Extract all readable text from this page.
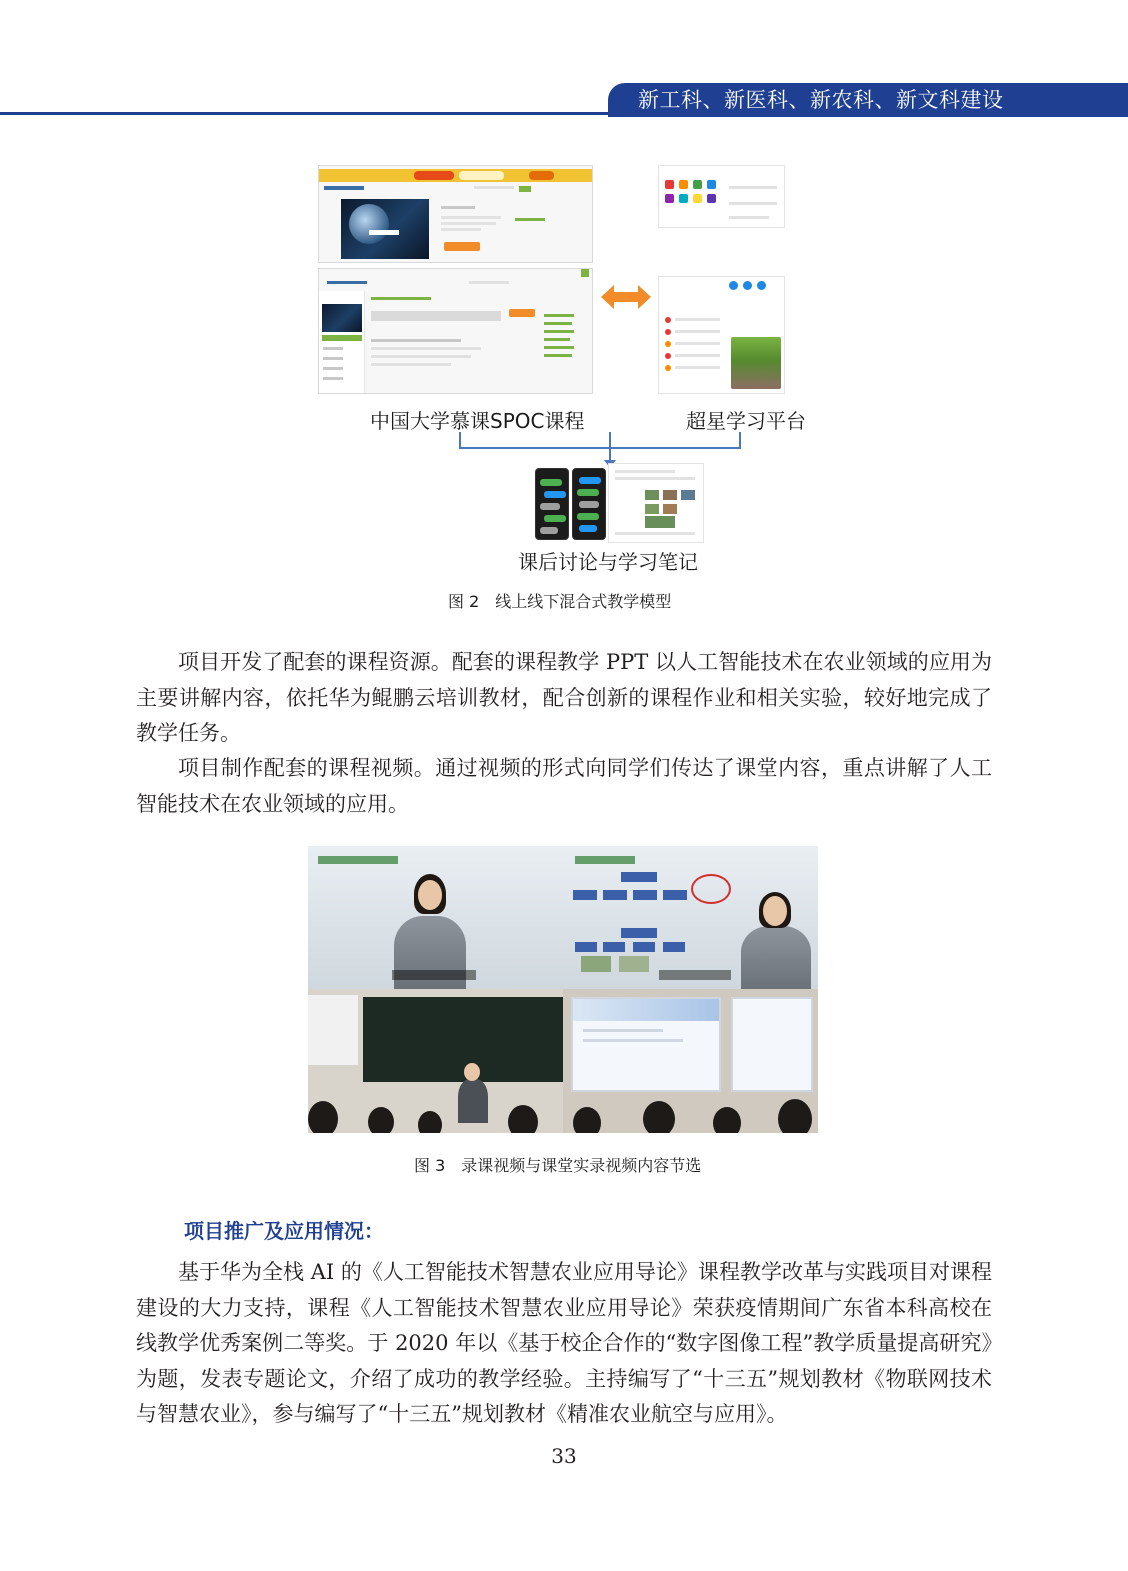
新工科、新医科、新农科、新文科建设
中国大学慕课SPOC课程	超星学习平台
课后讨论与学习笔记
图 2　线上线下混合式教学模型

项目开发了配套的课程资源。配套的课程教学 PPT 以人工智能技术在农业领域的应用为主要讲解内容，依托华为鲲鹏云培训教材，配合创新的课程作业和相关实验，较好地完成了教学任务。

项目制作配套的课程视频。通过视频的形式向同学们传达了课堂内容，重点讲解了人工智能技术在农业领域的应用。

图 3　录课视频与课堂实录视频内容节选
项目推广及应用情况：

基于华为全栈 AI 的《人工智能技术智慧农业应用导论》课程教学改革与实践项目对课程建设的大力支持，课程《人工智能技术智慧农业应用导论》荣获疫情期间广东省本科高校在线教学优秀案例二等奖。于 2020 年以《基于校企合作的“数字图像工程”教学质量提高研究》为题，发表专题论文，介绍了成功的教学经验。主持编写了“十三五”规划教材《物联网技术与智慧农业》，参与编写了“十三五”规划教材《精准农业航空与应用》。

33
